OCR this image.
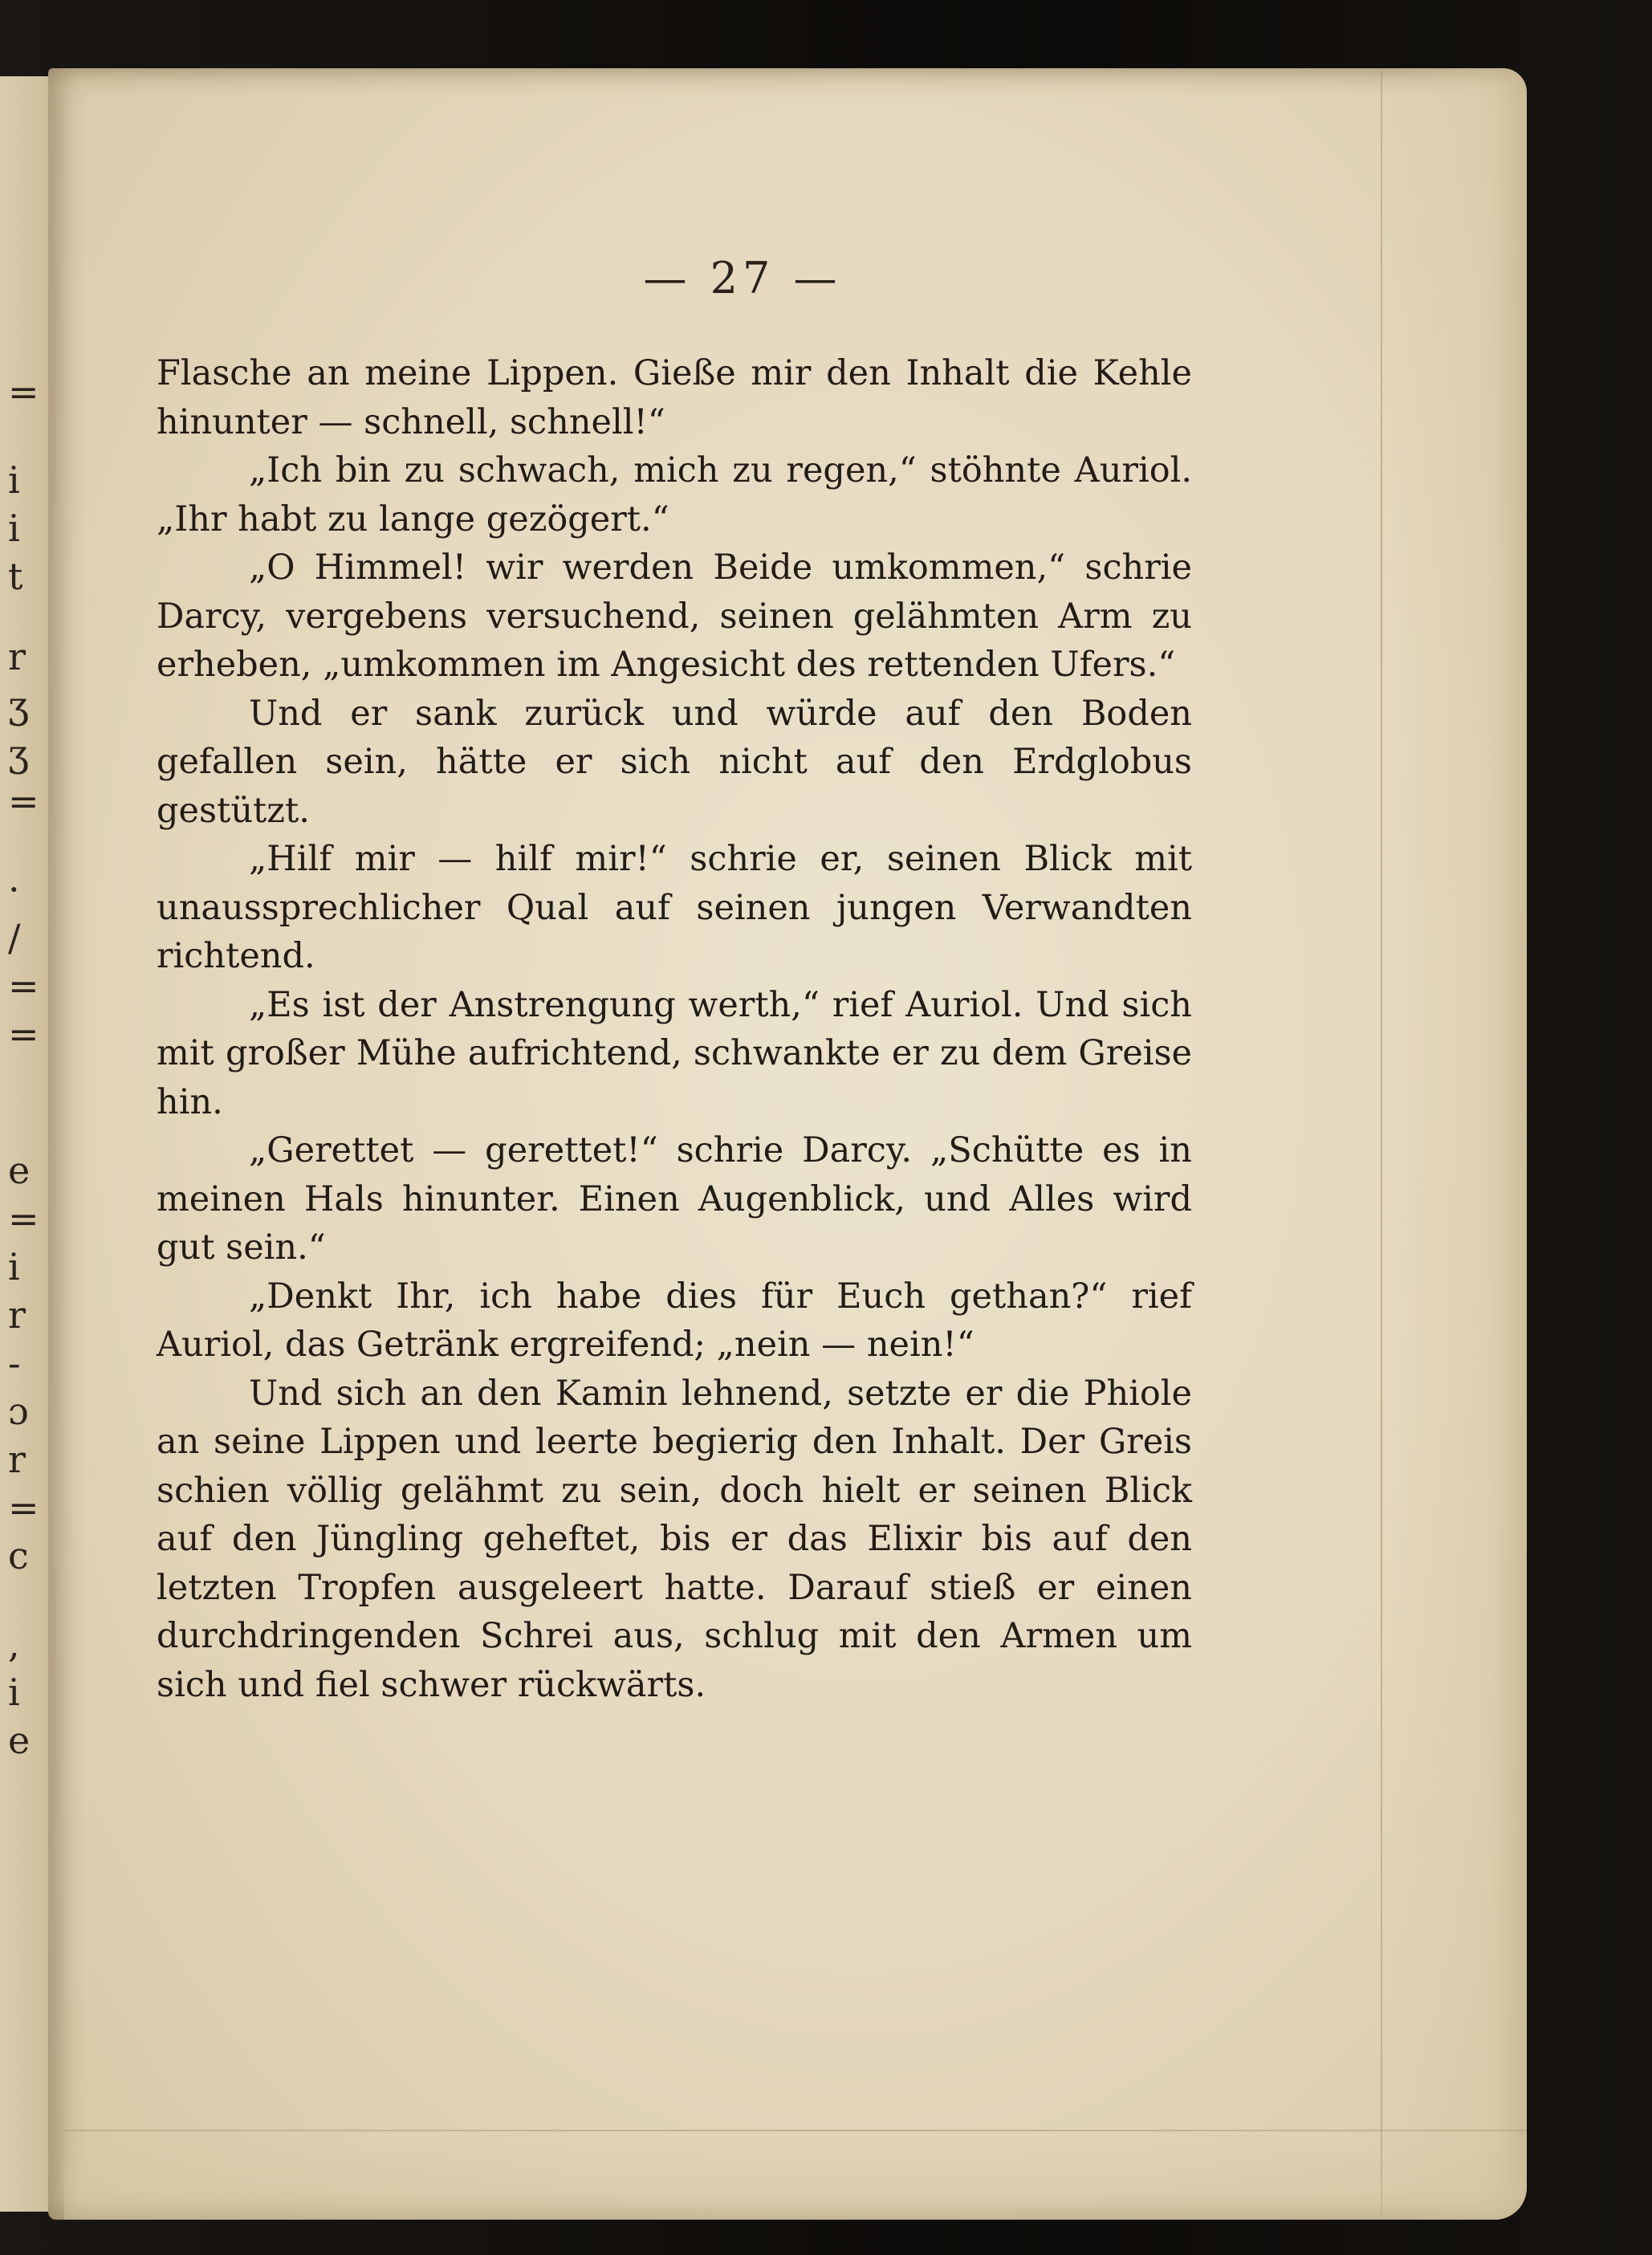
=
i
i
t
r
ʒ
ʒ
=
·
/
=
=
e
=
i
r
-
ɔ
r
=
c
,
i
e
— 27 —

Flasche an meine Lippen. Gieße mir den Inhalt die Kehle hinunter — schnell, schnell!“

„Ich bin zu schwach, mich zu regen,“ stöhnte Auriol. „Ihr habt zu lange gezögert.“

„O Himmel! wir werden Beide umkommen,“ schrie Darcy, vergebens versuchend, seinen gelähmten Arm zu erheben, „umkommen im Angesicht des rettenden Ufers.“

Und er sank zurück und würde auf den Boden gefallen sein, hätte er sich nicht auf den Erdglobus gestützt.

„Hilf mir — hilf mir!“ schrie er, seinen Blick mit unaussprechlicher Qual auf seinen jungen Verwandten richtend.

„Es ist der Anstrengung werth,“ rief Auriol. Und sich mit großer Mühe aufrichtend, schwankte er zu dem Greise hin.

„Gerettet — gerettet!“ schrie Darcy. „Schütte es in meinen Hals hinunter. Einen Augenblick, und Alles wird gut sein.“

„Denkt Ihr, ich habe dies für Euch gethan?“ rief Auriol, das Getränk ergreifend; „nein — nein!“

Und sich an den Kamin lehnend, setzte er die Phiole an seine Lippen und leerte begierig den Inhalt. Der Greis schien völlig gelähmt zu sein, doch hielt er seinen Blick auf den Jüngling geheftet, bis er das Elixir bis auf den letzten Tropfen ausgeleert hatte. Darauf stieß er einen durchdringenden Schrei aus, schlug mit den Armen um sich und fiel schwer rückwärts.
